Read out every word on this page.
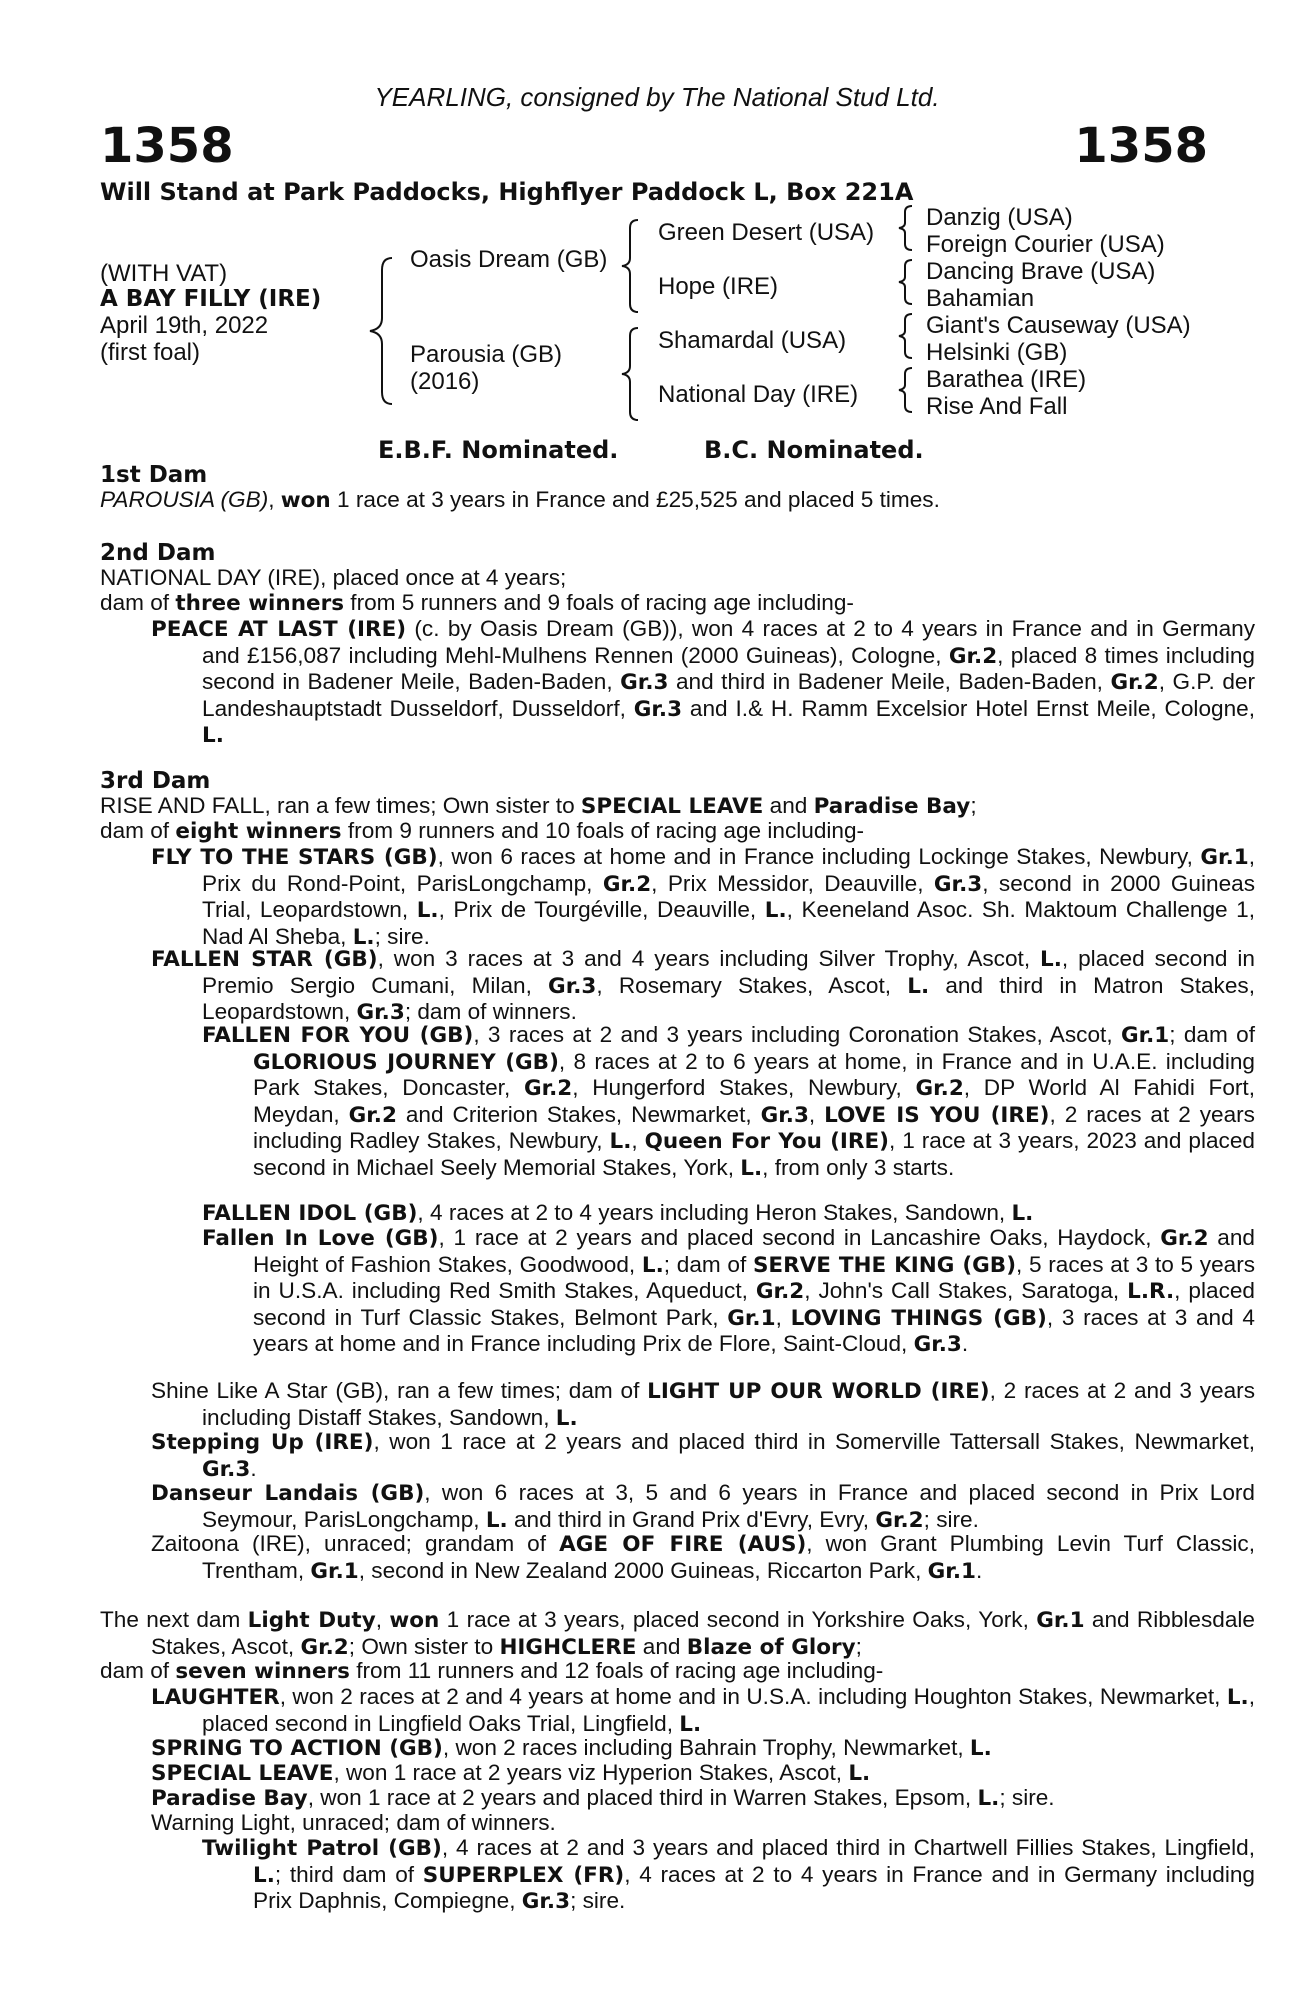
YEARLING, consigned by The National Stud Ltd.
1358	1358
Will Stand at Park Paddocks, Highflyer Paddock L, Box 221A
(WITH VAT)
A BAY FILLY (IRE)
April 19th, 2022
(first foal)
Oasis Dream (GB)
Parousia (GB)
(2016)
Green Desert (USA)
Hope (IRE)
Shamardal (USA)
National Day (IRE)
Danzig (USA)
Foreign Courier (USA)
Dancing Brave (USA)
Bahamian
Giant's Causeway (USA)
Helsinki (GB)
Barathea (IRE)
Rise And Fall
E.B.F. Nominated.	B.C. Nominated.
1st Dam
PAROUSIA (GB), won 1 race at 3 years in France and £25,525 and placed 5 times.
2nd Dam
NATIONAL DAY (IRE), placed once at 4 years;
dam of three winners from 5 runners and 9 foals of racing age including-
PEACE AT LAST (IRE) (c. by Oasis Dream (GB)), won 4 races at 2 to 4 years in France and in Germany and £156,087 including Mehl-Mulhens Rennen (2000 Guineas), Cologne, Gr.2, placed 8 times including second in Badener Meile, Baden-Baden, Gr.3 and third in Badener Meile, Baden-Baden, Gr.2, G.P. der Landeshauptstadt Dusseldorf, Dusseldorf, Gr.3 and I.& H. Ramm Excelsior Hotel Ernst Meile, Cologne, L.
3rd Dam
RISE AND FALL, ran a few times; Own sister to SPECIAL LEAVE and Paradise Bay;
dam of eight winners from 9 runners and 10 foals of racing age including-
FLY TO THE STARS (GB), won 6 races at home and in France including Lockinge Stakes, Newbury, Gr.1, Prix du Rond-Point, ParisLongchamp, Gr.2, Prix Messidor, Deauville, Gr.3, second in 2000 Guineas Trial, Leopardstown, L., Prix de Tourgéville, Deauville, L., Keeneland Asoc. Sh. Maktoum Challenge 1, Nad Al Sheba, L.; sire.
FALLEN STAR (GB), won 3 races at 3 and 4 years including Silver Trophy, Ascot, L., placed second in Premio Sergio Cumani, Milan, Gr.3, Rosemary Stakes, Ascot, L. and third in Matron Stakes, Leopardstown, Gr.3; dam of winners.
FALLEN FOR YOU (GB), 3 races at 2 and 3 years including Coronation Stakes, Ascot, Gr.1; dam of GLORIOUS JOURNEY (GB), 8 races at 2 to 6 years at home, in France and in U.A.E. including Park Stakes, Doncaster, Gr.2, Hungerford Stakes, Newbury, Gr.2, DP World Al Fahidi Fort, Meydan, Gr.2 and Criterion Stakes, Newmarket, Gr.3, LOVE IS YOU (IRE), 2 races at 2 years including Radley Stakes, Newbury, L., Queen For You (IRE), 1 race at 3 years, 2023 and placed second in Michael Seely Memorial Stakes, York, L., from only 3 starts.
FALLEN IDOL (GB), 4 races at 2 to 4 years including Heron Stakes, Sandown, L.
Fallen In Love (GB), 1 race at 2 years and placed second in Lancashire Oaks, Haydock, Gr.2 and Height of Fashion Stakes, Goodwood, L.; dam of SERVE THE KING (GB), 5 races at 3 to 5 years in U.S.A. including Red Smith Stakes, Aqueduct, Gr.2, John's Call Stakes, Saratoga, L.R., placed second in Turf Classic Stakes, Belmont Park, Gr.1, LOVING THINGS (GB), 3 races at 3 and 4 years at home and in France including Prix de Flore, Saint-Cloud, Gr.3.
Shine Like A Star (GB), ran a few times; dam of LIGHT UP OUR WORLD (IRE), 2 races at 2 and 3 years including Distaff Stakes, Sandown, L.
Stepping Up (IRE), won 1 race at 2 years and placed third in Somerville Tattersall Stakes, Newmarket, Gr.3.
Danseur Landais (GB), won 6 races at 3, 5 and 6 years in France and placed second in Prix Lord Seymour, ParisLongchamp, L. and third in Grand Prix d'Evry, Evry, Gr.2; sire.
Zaitoona (IRE), unraced; grandam of AGE OF FIRE (AUS), won Grant Plumbing Levin Turf Classic, Trentham, Gr.1, second in New Zealand 2000 Guineas, Riccarton Park, Gr.1.
The next dam Light Duty, won 1 race at 3 years, placed second in Yorkshire Oaks, York, Gr.1 and Ribblesdale Stakes, Ascot, Gr.2; Own sister to HIGHCLERE and Blaze of Glory;
dam of seven winners from 11 runners and 12 foals of racing age including-
LAUGHTER, won 2 races at 2 and 4 years at home and in U.S.A. including Houghton Stakes, Newmarket, L., placed second in Lingfield Oaks Trial, Lingfield, L.
SPRING TO ACTION (GB), won 2 races including Bahrain Trophy, Newmarket, L.
SPECIAL LEAVE, won 1 race at 2 years viz Hyperion Stakes, Ascot, L.
Paradise Bay, won 1 race at 2 years and placed third in Warren Stakes, Epsom, L.; sire.
Warning Light, unraced; dam of winners.
Twilight Patrol (GB), 4 races at 2 and 3 years and placed third in Chartwell Fillies Stakes, Lingfield, L.; third dam of SUPERPLEX (FR), 4 races at 2 to 4 years in France and in Germany including Prix Daphnis, Compiegne, Gr.3; sire.
